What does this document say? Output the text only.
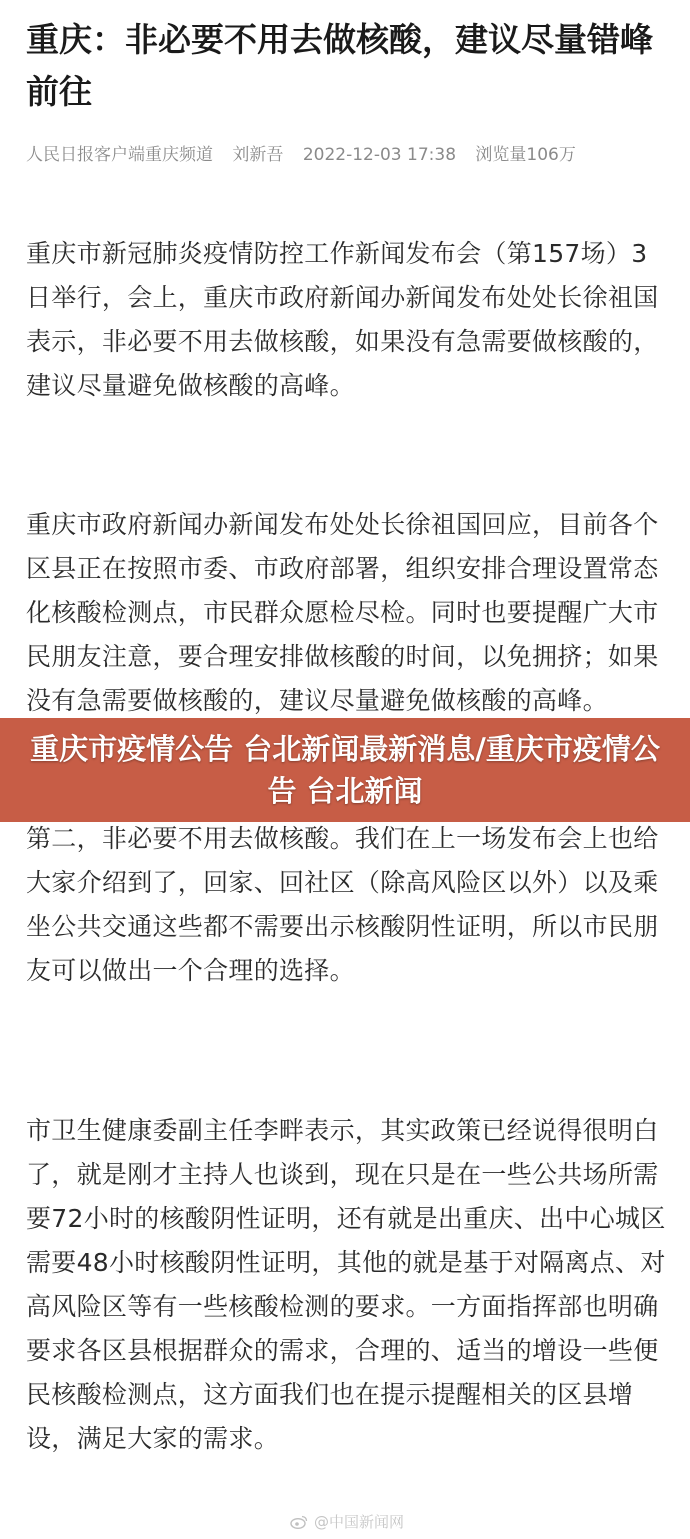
重庆：非必要不用去做核酸，建议尽量错峰前往
人民日报客户端重庆频道 刘新吾 2022-12-03 17:38 浏览量106万

重庆市新冠肺炎疫情防控工作新闻发布会（第157场）3日举行，会上，重庆市政府新闻办新闻发布处处长徐祖国表示，非必要不用去做核酸，如果没有急需要做核酸的，建议尽量避免做核酸的高峰。

重庆市政府新闻办新闻发布处处长徐祖国回应，目前各个区县正在按照市委、市政府部署，组织安排合理设置常态化核酸检测点，市民群众愿检尽检。同时也要提醒广大市民朋友注意，要合理安排做核酸的时间，以免拥挤；如果没有急需要做核酸的，建议尽量避免做核酸的高峰。

第二，非必要不用去做核酸。我们在上一场发布会上也给大家介绍到了，回家、回社区（除高风险区以外）以及乘坐公共交通这些都不需要出示核酸阴性证明，所以市民朋友可以做出一个合理的选择。

市卫生健康委副主任李畔表示，其实政策已经说得很明白了，就是刚才主持人也谈到，现在只是在一些公共场所需要72小时的核酸阴性证明，还有就是出重庆、出中心城区需要48小时核酸阴性证明，其他的就是基于对隔离点、对高风险区等有一些核酸检测的要求。一方面指挥部也明确要求各区县根据群众的需求，合理的、适当的增设一些便民核酸检测点，这方面我们也在提示提醒相关的区县增设，满足大家的需求。

重庆市疫情公告 台北新闻最新消息/重庆市疫情公告 台北新闻
@中国新闻网
